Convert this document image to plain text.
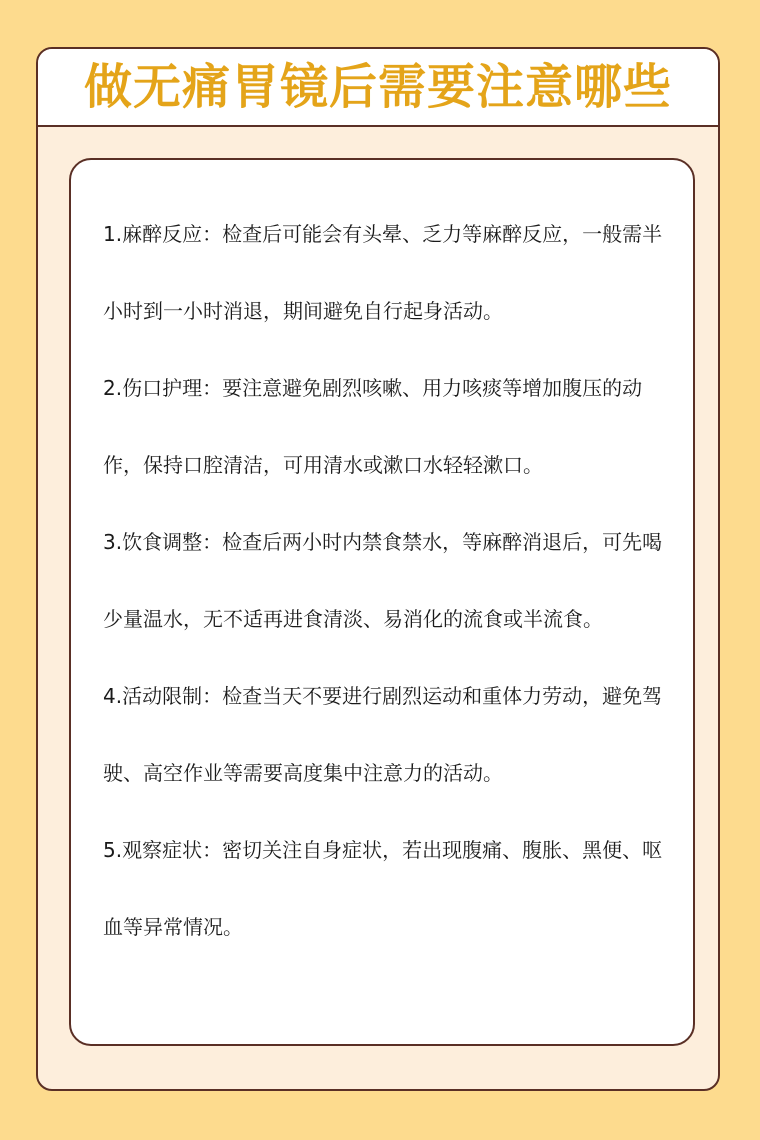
做无痛胃镜后需要注意哪些

1.麻醉反应：检查后可能会有头晕、乏力等麻醉反应，一般需半小时到一小时消退，期间避免自行起身活动。

2.伤口护理：要注意避免剧烈咳嗽、用力咳痰等增加腹压的动作，保持口腔清洁，可用清水或漱口水轻轻漱口。

3.饮食调整：检查后两小时内禁食禁水，等麻醉消退后，可先喝少量温水，无不适再进食清淡、易消化的流食或半流食。

4.活动限制：检查当天不要进行剧烈运动和重体力劳动，避免驾驶、高空作业等需要高度集中注意力的活动。

5.观察症状：密切关注自身症状，若出现腹痛、腹胀、黑便、呕血等异常情况。
